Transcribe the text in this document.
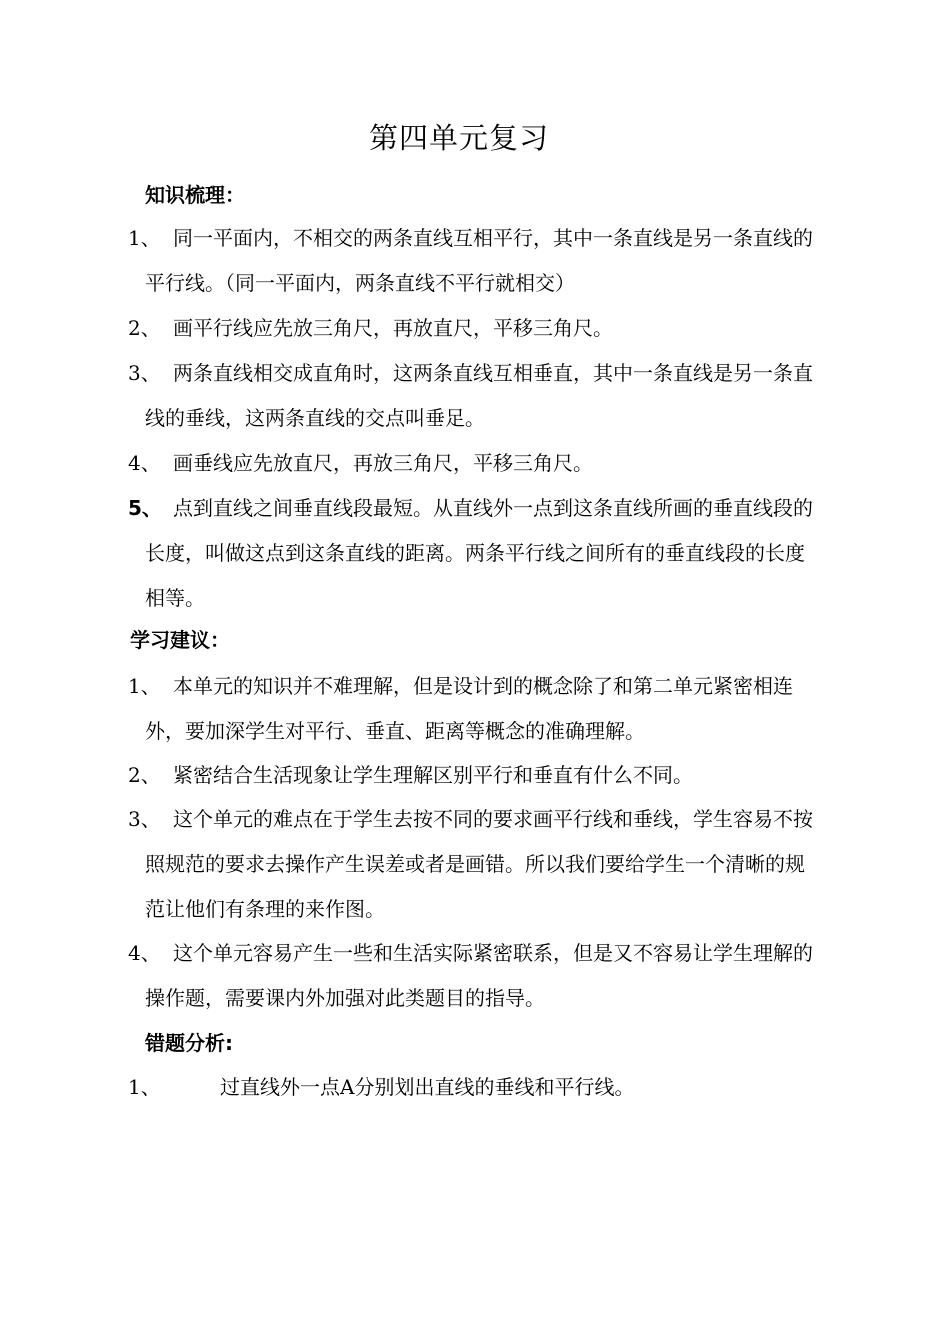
第四单元复习
知识梳理：
1、 同一平面内，不相交的两条直线互相平行，其中一条直线是另一条直线的平行线。（同一平面内，两条直线不平行就相交）
2、 画平行线应先放三角尺，再放直尺，平移三角尺。
3、 两条直线相交成直角时，这两条直线互相垂直，其中一条直线是另一条直线的垂线，这两条直线的交点叫垂足。
4、 画垂线应先放直尺，再放三角尺，平移三角尺。
5、 点到直线之间垂直线段最短。从直线外一点到这条直线所画的垂直线段的长度，叫做这点到这条直线的距离。两条平行线之间所有的垂直线段的长度相等。
学习建议：
1、 本单元的知识并不难理解，但是设计到的概念除了和第二单元紧密相连外，要加深学生对平行、垂直、距离等概念的准确理解。
2、 紧密结合生活现象让学生理解区别平行和垂直有什么不同。
3、 这个单元的难点在于学生去按不同的要求画平行线和垂线，学生容易不按照规范的要求去操作产生误差或者是画错。所以我们要给学生一个清晰的规范让他们有条理的来作图。
4、 这个单元容易产生一些和生活实际紧密联系，但是又不容易让学生理解的操作题，需要课内外加强对此类题目的指导。
错题分析:
1、	过直线外一点A分别划出直线的垂线和平行线。
